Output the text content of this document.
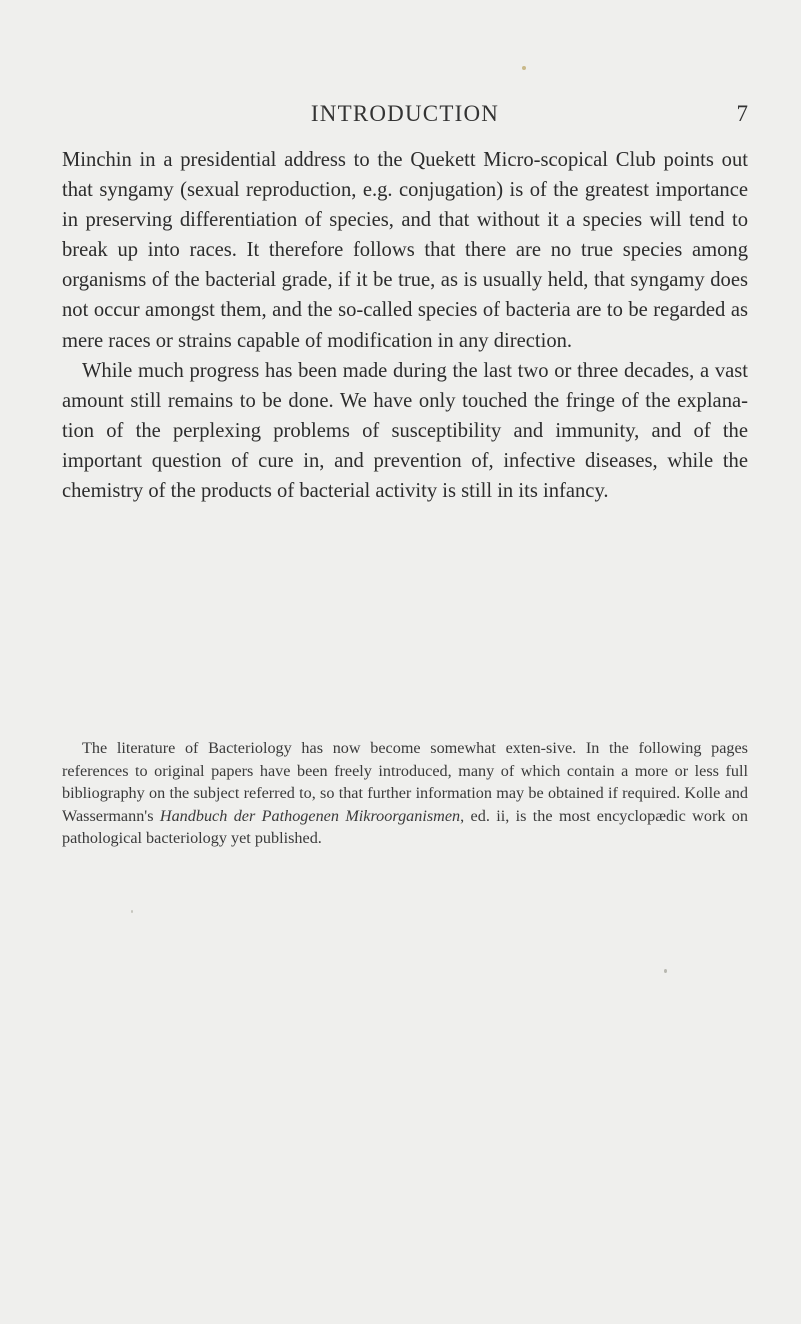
INTRODUCTION	7

Minchin in a presidential address to the Quekett Micro-scopical Club points out that syngamy (sexual reproduction, e.g. conjugation) is of the greatest importance in preserving differentiation of species, and that without it a species will tend to break up into races. It therefore follows that there are no true species among organisms of the bacterial grade, if it be true, as is usually held, that syngamy does not occur amongst them, and the so-called species of bacteria are to be regarded as mere races or strains capable of modification in any direction.

While much progress has been made during the last two or three decades, a vast amount still remains to be done. We have only touched the fringe of the explana-tion of the perplexing problems of susceptibility and immunity, and of the important question of cure in, and prevention of, infective diseases, while the chemistry of the products of bacterial activity is still in its infancy.

The literature of Bacteriology has now become somewhat exten-sive. In the following pages references to original papers have been freely introduced, many of which contain a more or less full bibliography on the subject referred to, so that further information may be obtained if required. Kolle and Wassermann's Handbuch der Pathogenen Mikroorganismen, ed. ii, is the most encyclopædic work on pathological bacteriology yet published.
